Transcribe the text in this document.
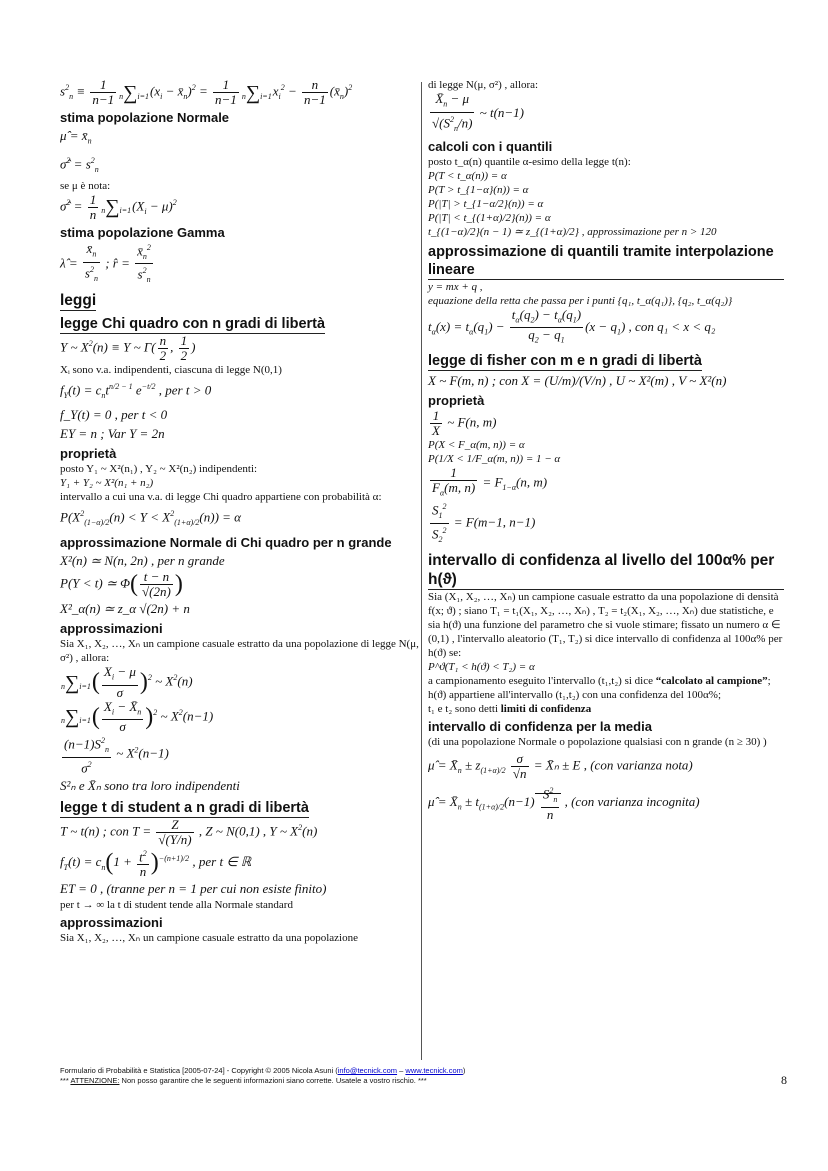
$s^2_n \equiv \frac{1}{n-1} n\sum i=1(x_i$ − $x̄_n)^2 = \frac{1}{n-1} n\sum i=1x_i^2 - \frac{n}{n-1}$ $(x̄_n)^2$
stima popolazione Normale
μ̂ = $x̄_n$
σ̂$^2$ = $s^2_n$
se μ è nota:
σ̂$^2$ = $\frac{1}{n} n\sum i=1(X_i - \mu)^2$
stima popolazione Gamma
λ̂ = $\frac{x̄_n}{s^2_n}$ ; r̂ = $\frac{x̄_n^2}{s^2_n}$
leggi
legge Chi quadro con n gradi di libertà
Y ~ $X^2(n) \equiv Y$ ~ $\Gamma( \frac{n}{2}$ , $\frac{1}{2}$ )
Xᵢ sono v.a. indipendenti, ciascuna di legge N(0,1)
$f_Y(t) = c_nt^{n/2 - 1}$ $e^{-t/2}$ , per t > 0
f_Y(t) = 0 , per t < 0
EY = n ; Var Y = 2n
proprietà
posto Y₁ ~ X²(n₁) , Y₂ ~ X²(n₂) indipendenti:
Y₁ + Y₂ ~ X²(n₁ + n₂)
intervallo a cui una v.a. di legge Chi quadro appartiene con probabilità α:
$P(X^2_{(1-\alpha)/2}(n) < Y < X^2_{(1+\alpha)/2}(n)) = \alpha$
approssimazione Normale di Chi quadro per n grande
X²(n) ≃ N(n, 2n) , per n grande
P(Y < t) ≃ $\Phi( \frac{t - n}{√(2n)}$ )
X²_α(n) ≃ z_α √(2n) + n
approssimazioni
Sia X₁, X₂, …, Xₙ un campione casuale estratto da una popolazione di legge N(μ, σ²) , allora:
$n\sum i=1( \frac{X_i - \mu}{\sigma} )^2$ ~ $X^2(n)$
$n\sum i=1( \frac{X_i - X̄_n}{\sigma} )^2$ ~ $X^2(n-1)$
$\frac{(n-1)S^2_n}{\sigma^2}$ ~ $X^2(n-1)$
S²ₙ e X̄ₙ sono tra loro indipendenti
legge t di student a n gradi di libertà
T ~ t(n) ; con $T = \frac{Z}{√(Y/n)}$ , Z ~ N(0,1) , Y ~ $X^2(n)$
$f_T(t) = c_n(1 + \frac{t^2}{n} )^{-(n+1)/2}$ , per t ∈ ℝ
ET = 0 , (tranne per n = 1 per cui non esiste finito)
per t → ∞ la t di student tende alla Normale standard
approssimazioni
Sia X₁, X₂, …, Xₙ un campione casuale estratto da una popolazione
di legge N(μ, σ²) , allora:
$\frac{X̄_n - \mu}{√(S^2_n/n)}$ ~ t(n−1)
calcoli con i quantili
posto t_α(n) quantile α-esimo della legge t(n):
P(T < t_α(n)) = α
P(T > t_{1−α}(n)) = α
P(|T| > t_{1−α/2}(n)) = α
P(|T| < t_{(1+α)/2}(n)) = α
t_{(1−α)/2}(n − 1) ≃ z_{(1+α)/2} , approssimazione per n > 120
approssimazione di quantili tramite interpolazione lineare
y = mx + q ,
equazione della retta che passa per i punti {q₁, t_α(q₁)}, {q₂, t_α(q₂)}
$t_\alpha(x) = t_\alpha(q_1) - \frac{t_\alpha(q_2) - t_\alpha(q_1)}{q_2 - q_1} (x - q_1)$ , con q₁ < x < q₂
legge di fisher con m e n gradi di libertà
X ~ F(m, n) ; con X = (U/m)/(V/n) , U ~ X²(m) , V ~ X²(n)
proprietà
$\frac{1}{X}$ ~ F(n, m)
P(X < F_α(m, n)) = α
P(1/X < 1/F_α(m, n)) = 1 − α
$\frac{1}{F_\alpha(m, n)} = F_{1-\alpha}(n$, m)
$\frac{S_1^2}{S_2^2} = F(m-1$, n−1)
intervallo di confidenza al livello del 100α% per h(ϑ)
Sia (X₁, X₂, …, Xₙ) un campione casuale estratto da una popolazione di densità f(x; ϑ) ; siano T₁ = t₁(X₁, X₂, …, Xₙ) , T₂ = t₂(X₁, X₂, …, Xₙ) due statistiche, e sia h(ϑ) una funzione del parametro che si vuole stimare; fissato un numero α ∈ (0,1) , l'intervallo aleatorio (T₁, T₂) si dice intervallo di confidenza al 100α% per h(ϑ) se:
P^ϑ(T₁ < h(ϑ) < T₂) = α
a campionamento eseguito l'intervallo (t₁,t₂) si dice “calcolato al campione”;
h(ϑ) appartiene all'intervallo (t₁,t₂) con una confidenza del 100α%;
t₁ e t₂ sono detti limiti di confidenza
intervallo di confidenza per la media
(di una popolazione Normale o popolazione qualsiasi con n grande (n ≥ 30) )
μ̂ = $X̄_n \pm z_{(1+\alpha)/2} \frac{\sigma}{√n}$ = X̄ₙ ± E , (con varianza nota)
μ̂ = $X̄_n \pm t_{(1+\alpha)/2}(n-1) \frac{S^2_n}{n}$ , (con varianza incognita)
Formulario di Probabilità e Statistica [2005-07-24] - Copyright © 2005 Nicola Asuni (info@tecnick.com – www.tecnick.com)
*** ATTENZIONE: Non posso garantire che le seguenti informazioni siano corrette. Usatele a vostro rischio. ***	8
